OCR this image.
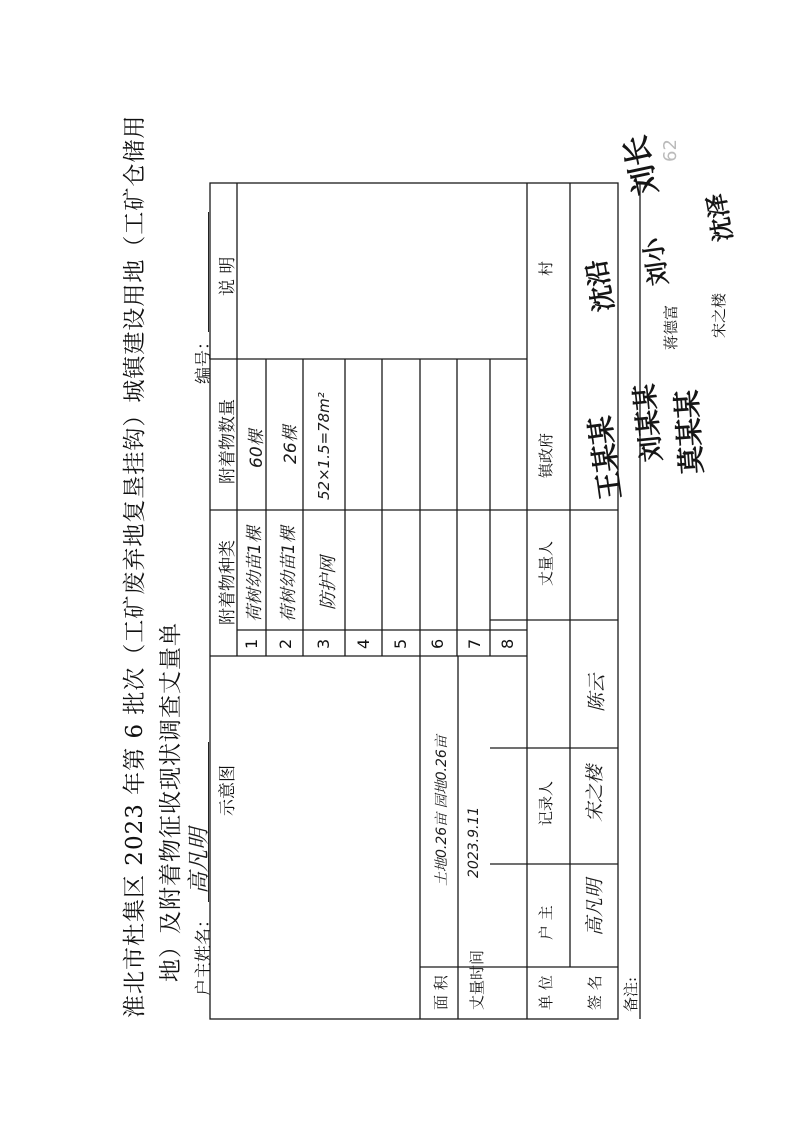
淮北市杜集区 2023 年第 6 批次（工矿废弃地复垦挂钩）城镇建设用地（工矿仓储用 地）及附着物征收现状调查丈量单 户主姓名：
高凡明
编号：
示意图
附着物种类
附着物数量
说 明
1 2 3 4 5 6 7 8
荷树幼苗1棵 荷树幼苗1棵 防护网
60棵 26棵 52×1.5=78m²
面 积
土地0.26亩 园地0.26亩
丈量时间
2023.9.11
单 位
户 主
记录人
丈量人
镇政府
村
签 名
高凡明
宋之楼
陈云
备注:
王某某 刘某某 莫某某
蒋德富 宋之楼
沈沿 刘小
沈泽
刘长
62
